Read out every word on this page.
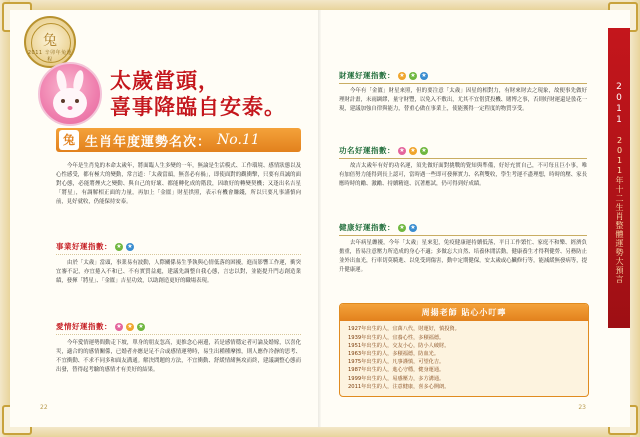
兔
2011 辛卯年兔運程
太歲當頭，
喜事降臨自安泰。
兔 生肖年度運勢名次： No.11

今年是生肖兔的本命太歲年，將面臨人生多變的一年，無論是生活模式、工作環境、感情狀態以及心性感受，都有極大的變動，常言道：「太歲當頭，無喜必有禍」，即使面對的觀衝擊，只要有真誠的面對心態，必能將煙火之變動、與自己的好壞、都能轉化成的階段，因敢好的轉變契機；又逢出名吉星「將星」，有調解相正面的力量，再加上「金匱」財星拱照，表示有機會賺錢，所以只要凡事謹慎向前，見好就收，仍能保持安泰。

事業好運指數： ★ ★

由於「太歲」當頭，事業易有波動，人際關係易生爭執與心情低落的困擾，進而影響工作運，衝突宜審不記，亦宜捲入不和已、不有實質益處，建議先調整自我心態，言忠以對，並能提升門志創造業績，發揮「將星」、「金匱」吉星功效，以助創造更好的職場表現。

愛情好運指數： ★ ★ ★

今年愛情運勢間動走下坡，單身的朋友忽高，更推念心兩邊，若是感情穩定者可論及婚嫁，以喜化災，適合的的感情關係，已婚者亦應是足不合或感情運勢時，易生出種種摩擦，則人應作冷靜的思考、不宜衝動、不求不同多和面友溝通。解決問題的方法，不宜衝動、舒緩情緒無攻而終，建議調整心態而出發，替得起考驗的感情才有美好的結果。

22
財運好運指數： ★ ★ ★

今年有「金匱」財星來照，但的要注意「太歲」因星的相對力，有財來財去之現象，故便事先做好理財計畫，未雨綢繆，量守財豐，以免入不敷出，尤其不宜借貸投機、賭博之事，否則好財運還是曇花一現，建議加強自律與能力，替重心做在事業上，使能獲得一定程度的物質享受。

功名好運指數： ★ ★ ★

故吉太歲年有好的功名運，須先做好面對挑戰的覺知與準備，好好充實自己，不可每且巨小事，唯有加倍努力能得到長上認可，當時遇一些即可發揮實力、名利雙收，學生考運不盡理想，時時的壓、家長應時時的勵、激勵、持續精進、沉著應試，仍可得到好成績。

健康好運指數： ★ ★

去年病星纏擾，今年「太歲」星來犯，免疫健康運持續低落，平日工作繁忙、家庭不和樂、經濟負擔重，皆易注意壓力所造成的身心不適；多做忘大自然、培養休閒活動，健康養生才得利健勞、另務防止並外出血光，行車切莫騎進、以免受到傷害，動中定期健保，安太歲或心臟修行等，能減緩無發病等，提升健康運。

周揚老師 貼心小叮嚀
1927年出生的人，宜萬八代，財運好，慎投資。
1939年出生的人，宜養心性，多積福德。
1951年出生的人，交友小心，防小人破財。
1963年出生的人，多積福德，防血光。
1975年出生的人，凡事謹慎，可望化吉。
1987年出生的人，進心守穩，健身運通。
1999年出生的人，易感壓力，多方溝通。
2011年出生的人，注意健康，喜多心開朗。
23
2011 2011年十二生肖整體運勢大預言
